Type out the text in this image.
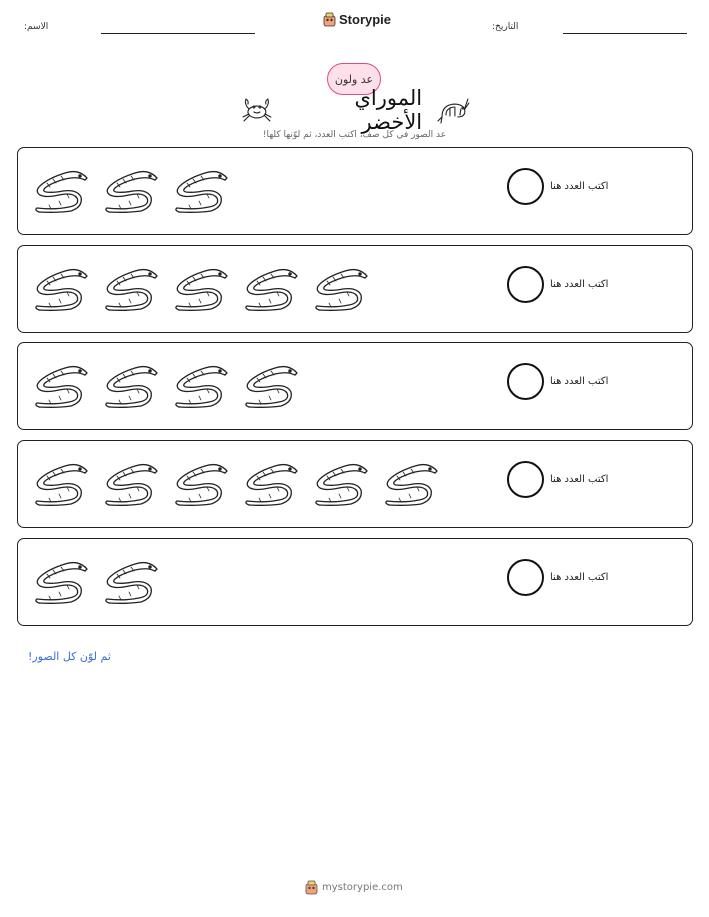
الاسم:	Storypie	التاريخ:
عد ولون
الموراي الأخضر
عد الصور في كل صف، اكتب العدد، ثم لوّنها كلها!
اكتب العدد هنا
اكتب العدد هنا
اكتب العدد هنا
اكتب العدد هنا
اكتب العدد هنا
ثم لوّن كل الصور!
mystorypie.com
